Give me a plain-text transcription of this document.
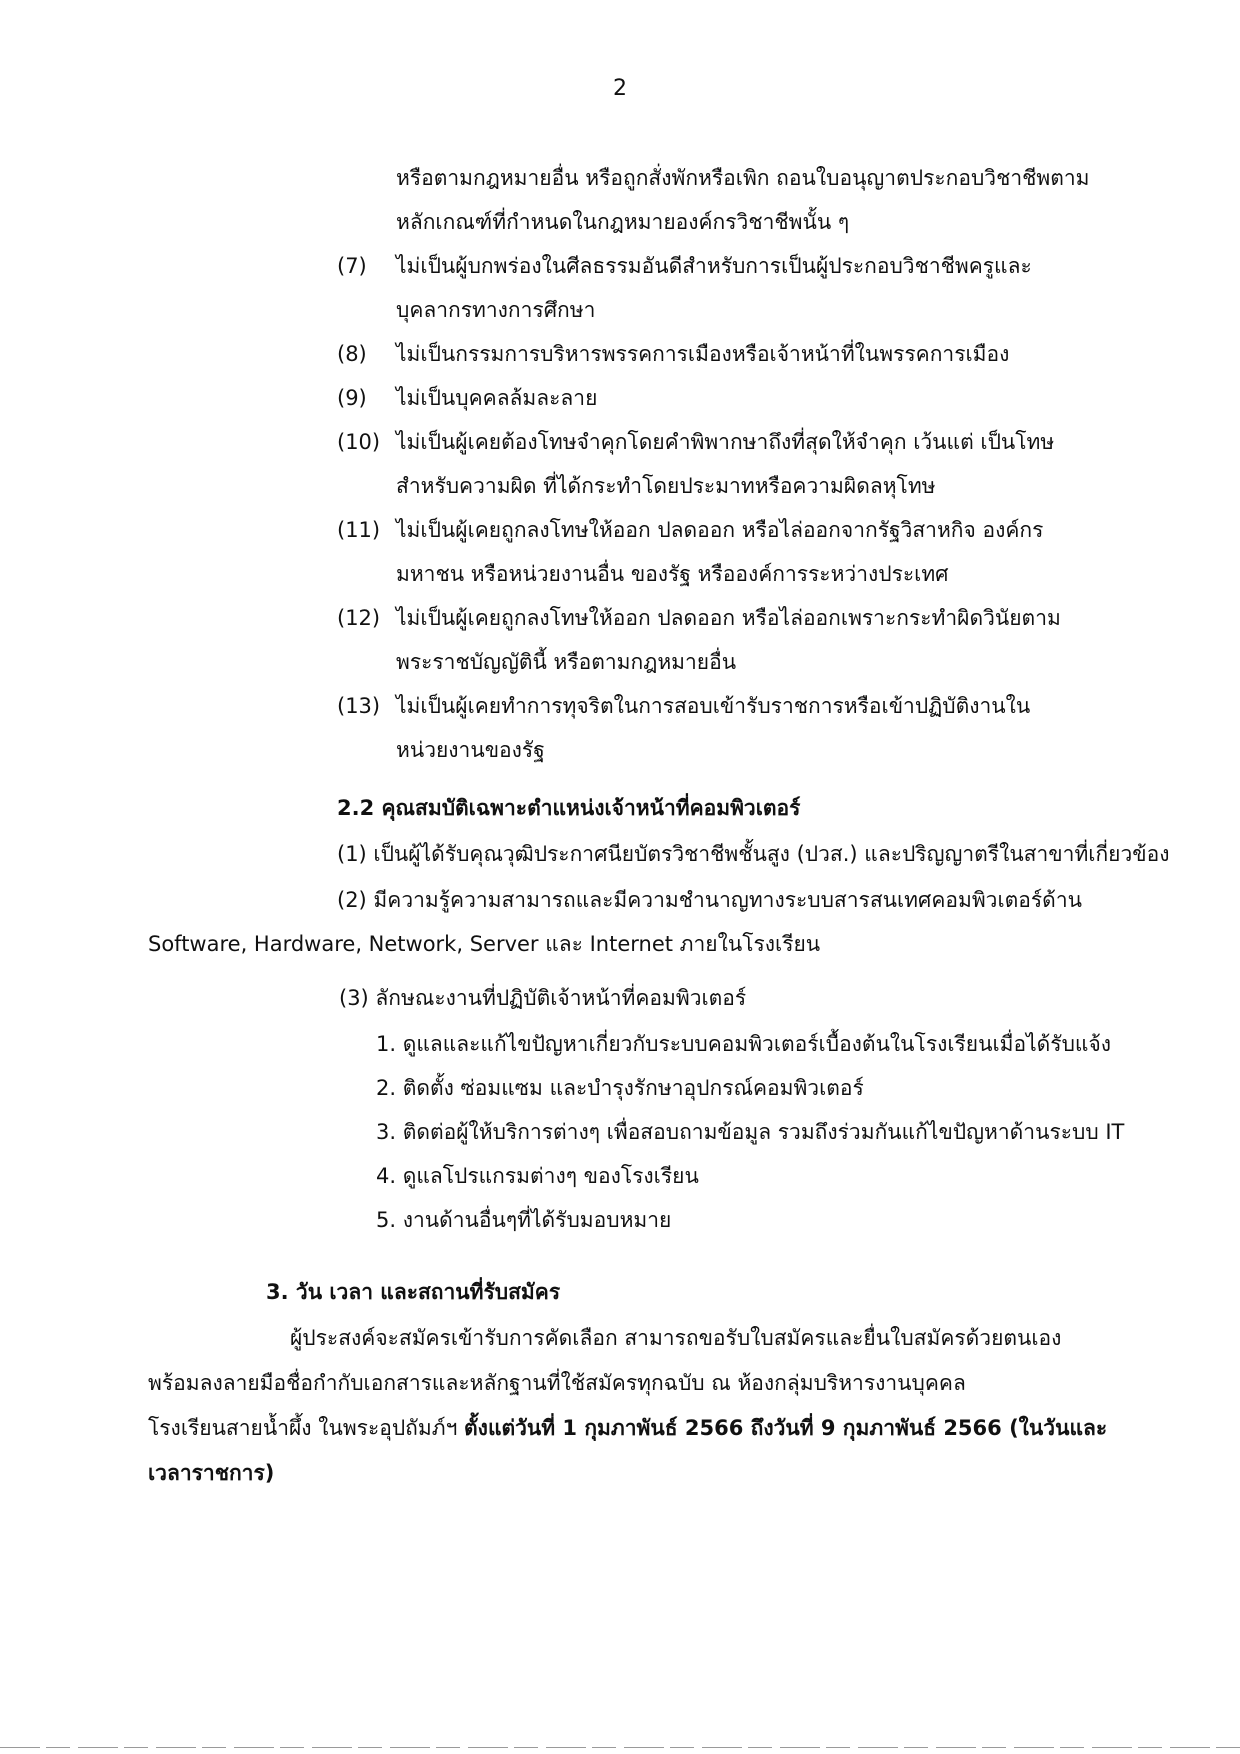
2
หรือตามกฎหมายอื่น หรือถูกสั่งพักหรือเพิก ถอนใบอนุญาตประกอบวิชาชีพตาม
หลักเกณฑ์ที่กำหนดในกฎหมายองค์กรวิชาชีพนั้น ๆ
(7) ไม่เป็นผู้บกพร่องในศีลธรรมอันดีสำหรับการเป็นผู้ประกอบวิชาชีพครูและ
บุคลากรทางการศึกษา
(8) ไม่เป็นกรรมการบริหารพรรคการเมืองหรือเจ้าหน้าที่ในพรรคการเมือง
(9) ไม่เป็นบุคคลล้มละลาย
(10) ไม่เป็นผู้เคยต้องโทษจำคุกโดยคำพิพากษาถึงที่สุดให้จำคุก เว้นแต่ เป็นโทษ
สำหรับความผิด ที่ได้กระทำโดยประมาทหรือความผิดลหุโทษ
(11) ไม่เป็นผู้เคยถูกลงโทษให้ออก ปลดออก หรือไล่ออกจากรัฐวิสาหกิจ องค์กร
มหาชน หรือหน่วยงานอื่น ของรัฐ หรือองค์การระหว่างประเทศ
(12) ไม่เป็นผู้เคยถูกลงโทษให้ออก ปลดออก หรือไล่ออกเพราะกระทำผิดวินัยตาม
พระราชบัญญัตินี้ หรือตามกฎหมายอื่น
(13) ไม่เป็นผู้เคยทำการทุจริตในการสอบเข้ารับราชการหรือเข้าปฏิบัติงานใน
หน่วยงานของรัฐ
2.2 คุณสมบัติเฉพาะตำแหน่งเจ้าหน้าที่คอมพิวเตอร์
(1) เป็นผู้ได้รับคุณวุฒิประกาศนียบัตรวิชาชีพชั้นสูง (ปวส.) และปริญญาตรีในสาขาที่เกี่ยวข้อง
(2) มีความรู้ความสามารถและมีความชำนาญทางระบบสารสนเทศคอมพิวเตอร์ด้าน
Software, Hardware, Network, Server และ Internet ภายในโรงเรียน
(3) ลักษณะงานที่ปฏิบัติเจ้าหน้าที่คอมพิวเตอร์
1. ดูแลและแก้ไขปัญหาเกี่ยวกับระบบคอมพิวเตอร์เบื้องต้นในโรงเรียนเมื่อได้รับแจ้ง
2. ติดตั้ง ซ่อมแซม และบำรุงรักษาอุปกรณ์คอมพิวเตอร์
3. ติดต่อผู้ให้บริการต่างๆ เพื่อสอบถามข้อมูล รวมถึงร่วมกันแก้ไขปัญหาด้านระบบ IT
4. ดูแลโปรแกรมต่างๆ ของโรงเรียน
5. งานด้านอื่นๆที่ได้รับมอบหมาย
3. วัน เวลา และสถานที่รับสมัคร
ผู้ประสงค์จะสมัครเข้ารับการคัดเลือก สามารถขอรับใบสมัครและยื่นใบสมัครด้วยตนเอง
พร้อมลงลายมือชื่อกำกับเอกสารและหลักฐานที่ใช้สมัครทุกฉบับ ณ ห้องกลุ่มบริหารงานบุคคล
โรงเรียนสายน้ำผึ้ง ในพระอุปถัมภ์ฯ ตั้งแต่วันที่ 1 กุมภาพันธ์ 2566 ถึงวันที่ 9 กุมภาพันธ์ 2566 (ในวันและ
เวลาราชการ)
